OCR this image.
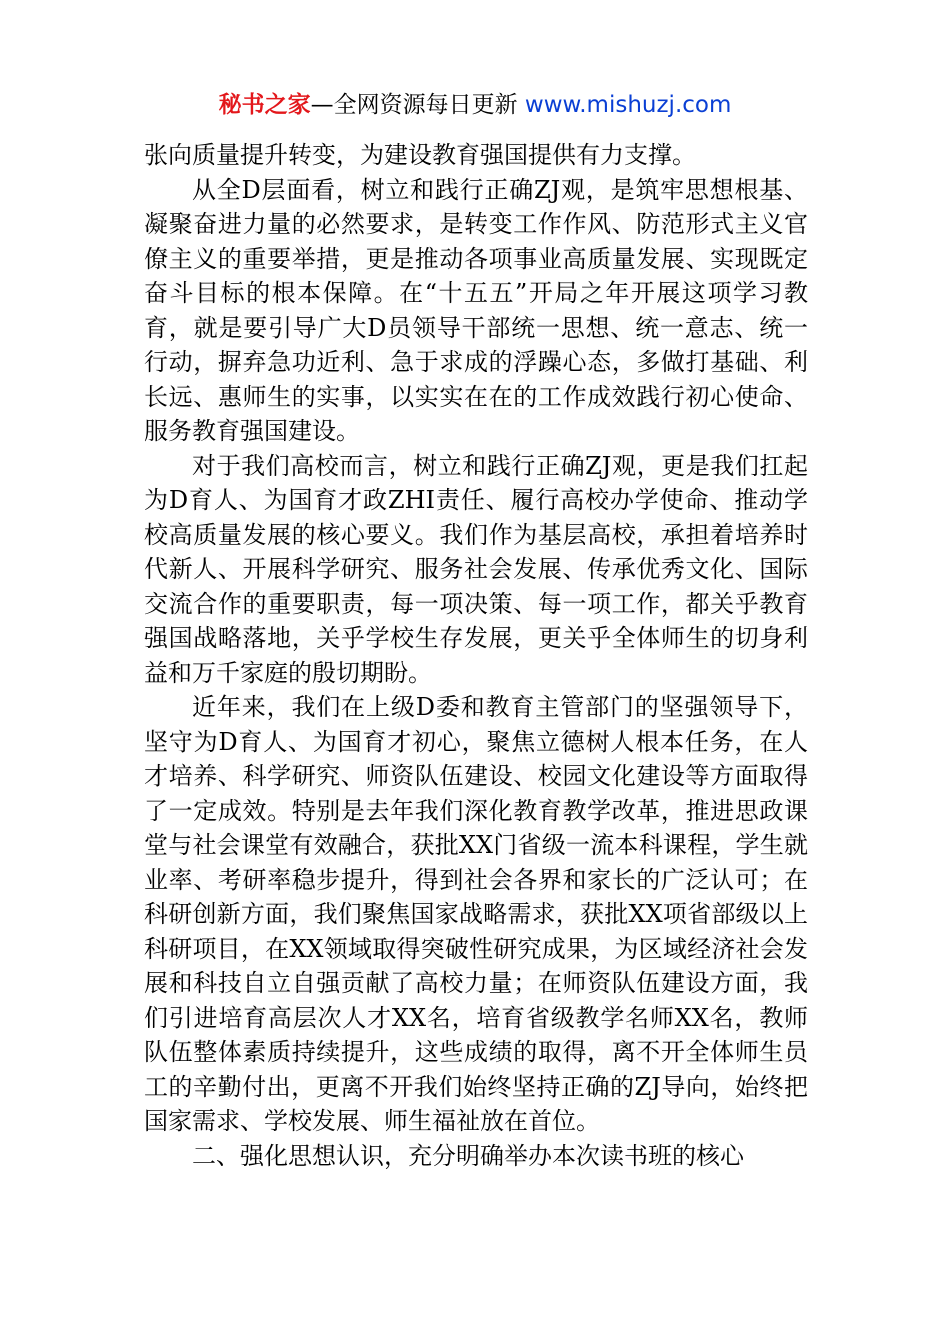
秘书之家—全网资源每日更新 www.mishuzj.com

张向质量提升转变，为建设教育强国提供有力支撑。

从全D层面看，树立和践行正确ZJ观，是筑牢思想根基、凝聚奋进力量的必然要求，是转变工作作风、防范形式主义官僚主义的重要举措，更是推动各项事业高质量发展、实现既定奋斗目标的根本保障。在“十五五”开局之年开展这项学习教育，就是要引导广大D员领导干部统一思想、统一意志、统一行动，摒弃急功近利、急于求成的浮躁心态，多做打基础、利长远、惠师生的实事，以实实在在的工作成效践行初心使命、服务教育强国建设。

对于我们高校而言，树立和践行正确ZJ观，更是我们扛起为D育人、为国育才政ZHI责任、履行高校办学使命、推动学校高质量发展的核心要义。我们作为基层高校，承担着培养时代新人、开展科学研究、服务社会发展、传承优秀文化、国际交流合作的重要职责，每一项决策、每一项工作，都关乎教育强国战略落地，关乎学校生存发展，更关乎全体师生的切身利益和万千家庭的殷切期盼。

近年来，我们在上级D委和教育主管部门的坚强领导下，坚守为D育人、为国育才初心，聚焦立德树人根本任务，在人才培养、科学研究、师资队伍建设、校园文化建设等方面取得了一定成效。特别是去年我们深化教育教学改革，推进思政课堂与社会课堂有效融合，获批XX门省级一流本科课程，学生就业率、考研率稳步提升，得到社会各界和家长的广泛认可；在科研创新方面，我们聚焦国家战略需求，获批XX项省部级以上科研项目，在XX领域取得突破性研究成果，为区域经济社会发展和科技自立自强贡献了高校力量；在师资队伍建设方面，我们引进培育高层次人才XX名，培育省级教学名师XX名，教师队伍整体素质持续提升，这些成绩的取得，离不开全体师生员工的辛勤付出，更离不开我们始终坚持正确的ZJ导向，始终把国家需求、学校发展、师生福祉放在首位。

二、强化思想认识，充分明确举办本次读书班的核心
